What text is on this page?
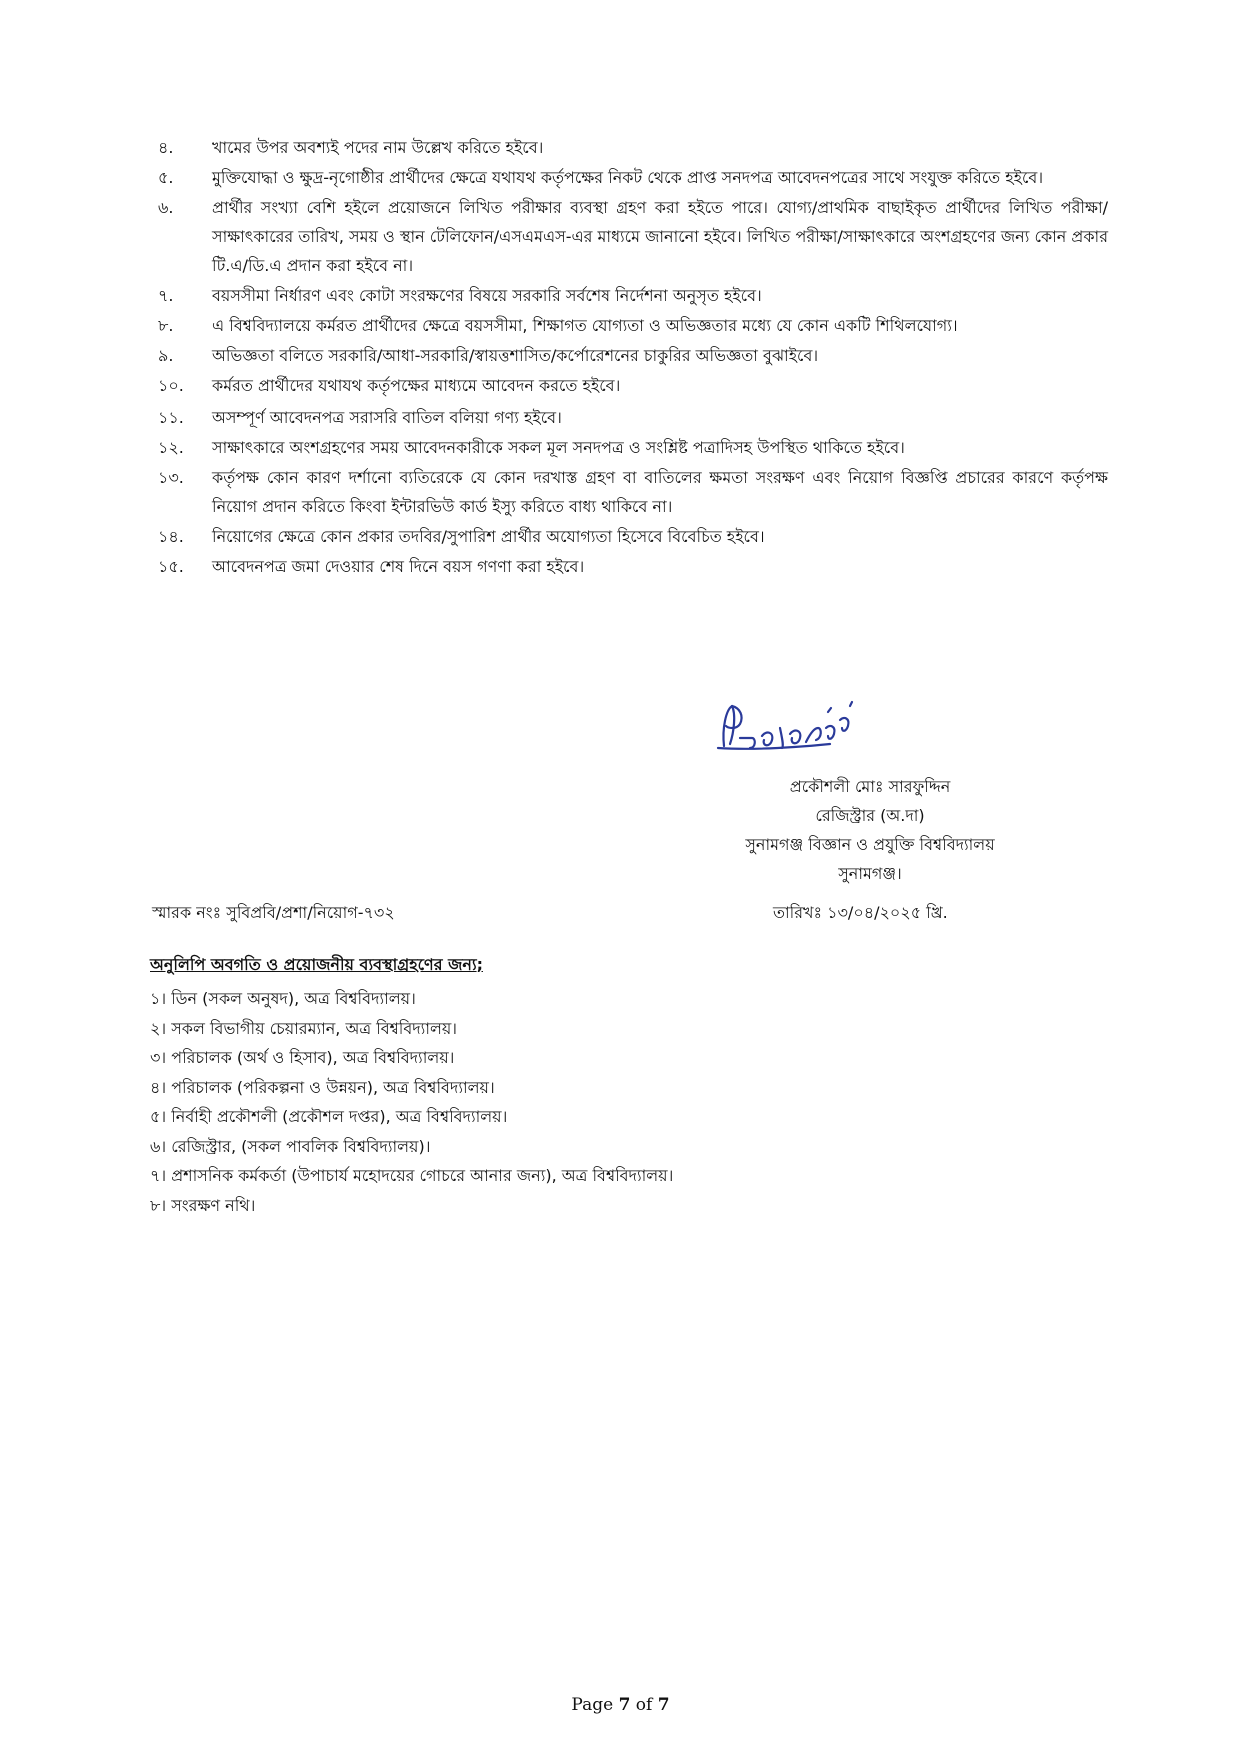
৪. খামের উপর অবশ্যই পদের নাম উল্লেখ করিতে হইবে।
৫. মুক্তিযোদ্ধা ও ক্ষুদ্র-নৃগোষ্ঠীর প্রার্থীদের ক্ষেত্রে যথাযথ কর্তৃপক্ষের নিকট থেকে প্রাপ্ত সনদপত্র আবেদনপত্রের সাথে সংযুক্ত করিতে হইবে।
৬. প্রার্থীর সংখ্যা বেশি হইলে প্রয়োজনে লিখিত পরীক্ষার ব্যবস্থা গ্রহণ করা হইতে পারে। যোগ্য/প্রাথমিক বাছাইকৃত প্রার্থীদের লিখিত পরীক্ষা/সাক্ষাৎকারের তারিখ, সময় ও স্থান টেলিফোন/এসএমএস-এর মাধ্যমে জানানো হইবে। লিখিত পরীক্ষা/সাক্ষাৎকারে অংশগ্রহণের জন্য কোন প্রকার টি.এ/ডি.এ প্রদান করা হইবে না।
৭. বয়সসীমা নির্ধারণ এবং কোটা সংরক্ষণের বিষয়ে সরকারি সর্বশেষ নির্দেশনা অনুসৃত হইবে।
৮. এ বিশ্ববিদ্যালয়ে কর্মরত প্রার্থীদের ক্ষেত্রে বয়সসীমা, শিক্ষাগত যোগ্যতা ও অভিজ্ঞতার মধ্যে যে কোন একটি শিথিলযোগ্য।
৯. অভিজ্ঞতা বলিতে সরকারি/আধা-সরকারি/স্বায়ত্তশাসিত/কর্পোরেশনের চাকুরির অভিজ্ঞতা বুঝাইবে।
১০. কর্মরত প্রার্থীদের যথাযথ কর্তৃপক্ষের মাধ্যমে আবেদন করতে হইবে।
১১. অসম্পূর্ণ আবেদনপত্র সরাসরি বাতিল বলিয়া গণ্য হইবে।
১২. সাক্ষাৎকারে অংশগ্রহণের সময় আবেদনকারীকে সকল মূল সনদপত্র ও সংশ্লিষ্ট পত্রাদিসহ উপস্থিত থাকিতে হইবে।
১৩. কর্তৃপক্ষ কোন কারণ দর্শানো ব্যতিরেকে যে কোন দরখাস্ত গ্রহণ বা বাতিলের ক্ষমতা সংরক্ষণ এবং নিয়োগ বিজ্ঞপ্তি প্রচারের কারণে কর্তৃপক্ষ নিয়োগ প্রদান করিতে কিংবা ইন্টারভিউ কার্ড ইস্যু করিতে বাধ্য থাকিবে না।
১৪. নিয়োগের ক্ষেত্রে কোন প্রকার তদবির/সুপারিশ প্রার্থীর অযোগ্যতা হিসেবে বিবেচিত হইবে।
১৫. আবেদনপত্র জমা দেওয়ার শেষ দিনে বয়স গণণা করা হইবে।
প্রকৌশলী মোঃ সারফুদ্দিন
রেজিস্ট্রার (অ.দা)
সুনামগঞ্জ বিজ্ঞান ও প্রযুক্তি বিশ্ববিদ্যালয়
সুনামগঞ্জ।
স্মারক নংঃ সুবিপ্রবি/প্রশা/নিয়োগ-৭৩২	তারিখঃ ১৩/০৪/২০২৫ খ্রি.
অনুলিপি অবগতি ও প্রয়োজনীয় ব্যবস্থাগ্রহণের জন্য;
১। ডিন (সকল অনুষদ), অত্র বিশ্ববিদ্যালয়।
২। সকল বিভাগীয় চেয়ারম্যান, অত্র বিশ্ববিদ্যালয়।
৩। পরিচালক (অর্থ ও হিসাব), অত্র বিশ্ববিদ্যালয়।
৪। পরিচালক (পরিকল্পনা ও উন্নয়ন), অত্র বিশ্ববিদ্যালয়।
৫। নির্বাহী প্রকৌশলী (প্রকৌশল দপ্তর), অত্র বিশ্ববিদ্যালয়।
৬। রেজিস্ট্রার, (সকল পাবলিক বিশ্ববিদ্যালয়)।
৭। প্রশাসনিক কর্মকর্তা (উপাচার্য মহোদয়ের গোচরে আনার জন্য), অত্র বিশ্ববিদ্যালয়।
৮। সংরক্ষণ নথি।
Page 7 of 7
